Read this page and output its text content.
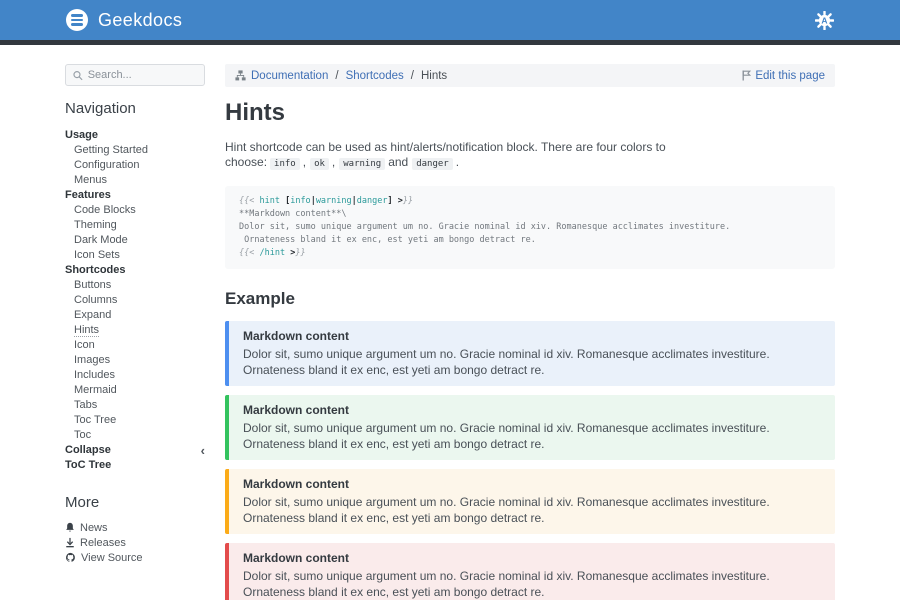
Geekdocs	A
Search...
Navigation
Usage
Getting Started
Configuration
Menus
Features
Code Blocks
Theming
Dark Mode
Icon Sets
Shortcodes
Buttons
Columns
Expand
Hints
Icon
Images
Includes
Mermaid
Tabs
Toc Tree
Toc
Collapse	‹
ToC Tree
More
News
Releases
View Source
Documentation / Shortcodes / Hints	Edit this page
Hints

Hint shortcode can be used as hint/alerts/notification block. There are four colors to choose: info , ok , warning and danger .

{{< hint [info|warning|danger] >}}
**Markdown content**\
Dolor sit, sumo unique argument um no. Gracie nominal id xiv. Romanesque acclimates investiture.
Ornateness bland it ex enc, est yeti am bongo detract re.
{{< /hint >}}
Example
Markdown content
Dolor sit, sumo unique argument um no. Gracie nominal id xiv. Romanesque acclimates investiture. Ornateness bland it ex enc, est yeti am bongo detract re.
Markdown content
Dolor sit, sumo unique argument um no. Gracie nominal id xiv. Romanesque acclimates investiture. Ornateness bland it ex enc, est yeti am bongo detract re.
Markdown content
Dolor sit, sumo unique argument um no. Gracie nominal id xiv. Romanesque acclimates investiture. Ornateness bland it ex enc, est yeti am bongo detract re.
Markdown content
Dolor sit, sumo unique argument um no. Gracie nominal id xiv. Romanesque acclimates investiture. Ornateness bland it ex enc, est yeti am bongo detract re.
